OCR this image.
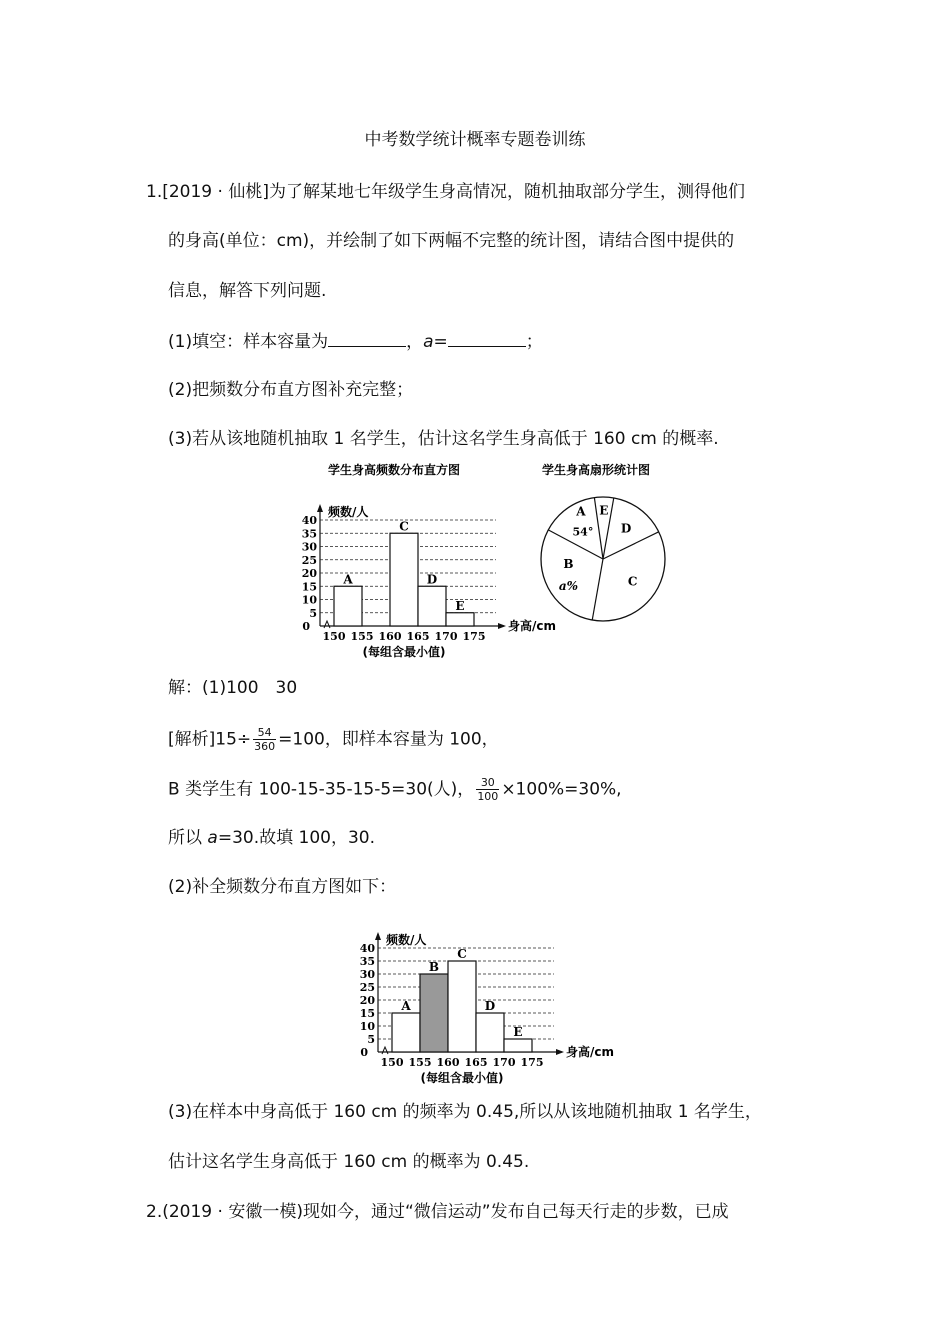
中考数学统计概率专题卷训练
1.[2019 · 仙桃]为了解某地七年级学生身高情况，随机抽取部分学生，测得他们
的身高(单位：cm)，并绘制了如下两幅不完整的统计图，请结合图中提供的
信息，解答下列问题.
(1)填空：样本容量为	，a=	；
(2)把频数分布直方图补充完整；
(3)若从该地随机抽取 1 名学生，估计这名学生身高低于 160 cm 的概率.
学生身高频数分布直方图
频数/人
身高/cm
0
5
10
15
20
25
30
35
40
150 155 160 165 170 175
(每组含最小值)
A
C
D
E
学生身高扇形统计图
A E
D
C
B
54°
a%
解：(1)100　30
[解析]$15\div \frac{54}{360} =100$，即样本容量为 100，
B 类学生有 100-15-35-15-5=30(人)， $\frac{30}{100} \times 100\%=30\%$,
所以 a=30.故填 100，30.
(2)补全频数分布直方图如下：
频数/人
身高/cm
0
5
10
15
20
25
30
35
40
150 155 160 165 170 175
(每组含最小值)
A
B
C
D
E
(3)在样本中身高低于 160 cm 的频率为 0.45,所以从该地随机抽取 1 名学生，
估计这名学生身高低于 160 cm 的概率为 0.45.
2.(2019 · 安徽一模)现如今，通过“微信运动”发布自己每天行走的步数，已成
